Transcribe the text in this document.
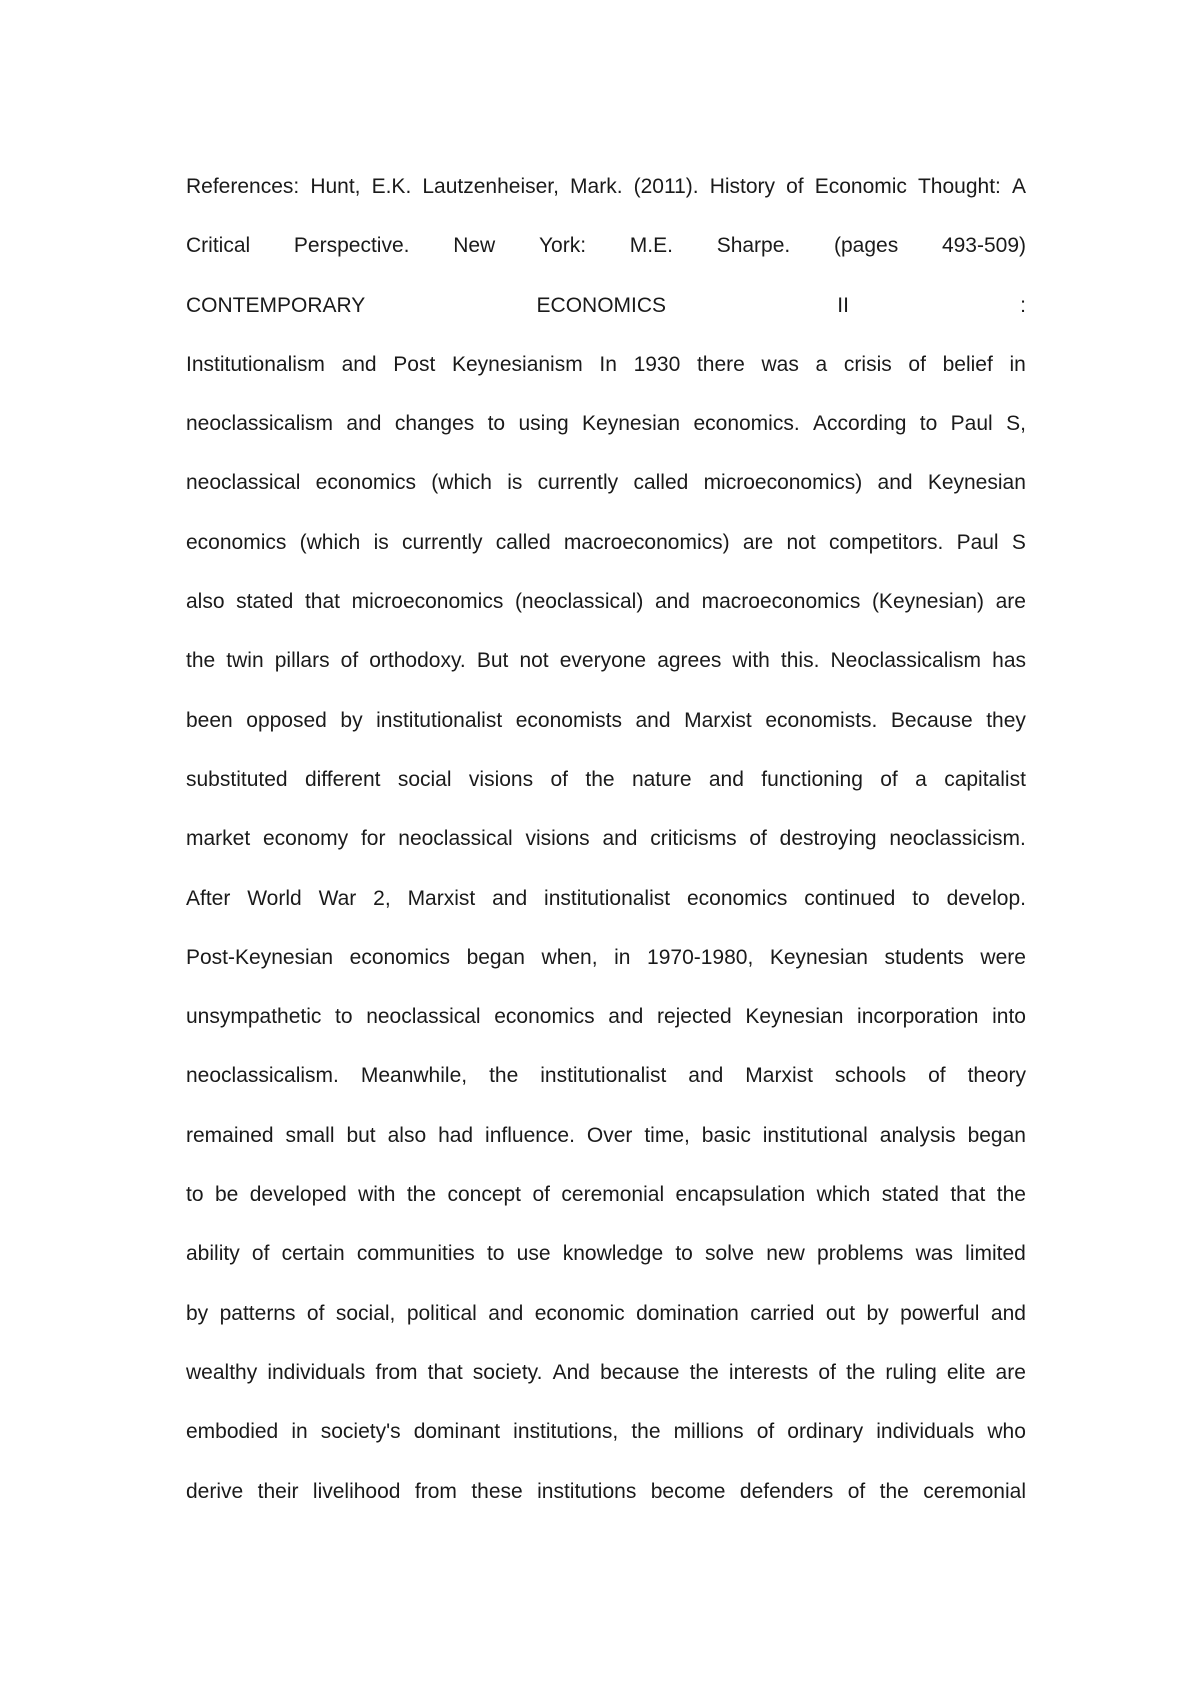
References: Hunt, E.K. Lautzenheiser, Mark. (2011). History of Economic Thought: A
Critical Perspective. New York: M.E. Sharpe. (pages 493-509)
CONTEMPORARY	ECONOMICS	II	:
Institutionalism and Post Keynesianism In 1930 there was a crisis of belief in
neoclassicalism and changes to using Keynesian economics. According to Paul S,
neoclassical economics (which is currently called microeconomics) and Keynesian
economics (which is currently called macroeconomics) are not competitors. Paul S
also stated that microeconomics (neoclassical) and macroeconomics (Keynesian) are
the twin pillars of orthodoxy. But not everyone agrees with this. Neoclassicalism has
been opposed by institutionalist economists and Marxist economists. Because they
substituted different social visions of the nature and functioning of a capitalist
market economy for neoclassical visions and criticisms of destroying neoclassicism.
After World War 2, Marxist and institutionalist economics continued to develop.
Post-Keynesian economics began when, in 1970-1980, Keynesian students were
unsympathetic to neoclassical economics and rejected Keynesian incorporation into
neoclassicalism. Meanwhile, the institutionalist and Marxist schools of theory
remained small but also had influence. Over time, basic institutional analysis began
to be developed with the concept of ceremonial encapsulation which stated that the
ability of certain communities to use knowledge to solve new problems was limited
by patterns of social, political and economic domination carried out by powerful and
wealthy individuals from that society. And because the interests of the ruling elite are
embodied in society's dominant institutions, the millions of ordinary individuals who
derive their livelihood from these institutions become defenders of the ceremonial
